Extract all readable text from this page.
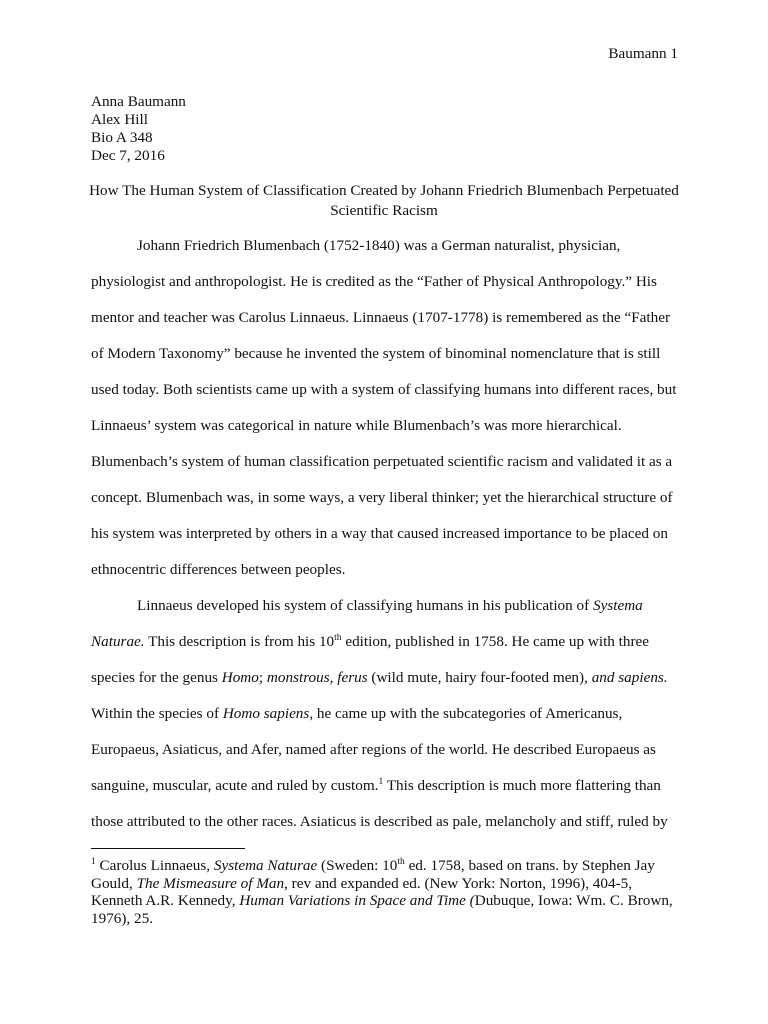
Baumann 1
Anna Baumann
Alex Hill
Bio A 348
Dec 7, 2016
How The Human System of Classification Created by Johann Friedrich Blumenbach Perpetuated
Scientific Racism
Johann Friedrich Blumenbach (1752-1840) was a German naturalist, physician,
physiologist and anthropologist. He is credited as the “Father of Physical Anthropology.” His
mentor and teacher was Carolus Linnaeus. Linnaeus (1707-1778) is remembered as the “Father
of Modern Taxonomy” because he invented the system of binominal nomenclature that is still
used today. Both scientists came up with a system of classifying humans into different races, but
Linnaeus’ system was categorical in nature while Blumenbach’s was more hierarchical.
Blumenbach’s system of human classification perpetuated scientific racism and validated it as a
concept. Blumenbach was, in some ways, a very liberal thinker; yet the hierarchical structure of
his system was interpreted by others in a way that caused increased importance to be placed on
ethnocentric differences between peoples.
Linnaeus developed his system of classifying humans in his publication of Systema
Naturae. This description is from his 10th edition, published in 1758. He came up with three
species for the genus Homo; monstrous, ferus (wild mute, hairy four-footed men), and sapiens.
Within the species of Homo sapiens, he came up with the subcategories of Americanus,
Europaeus, Asiaticus, and Afer, named after regions of the world. He described Europaeus as
sanguine, muscular, acute and ruled by custom.$^1$ This description is much more flattering than
those attributed to the other races. Asiaticus is described as pale, melancholy and stiff, ruled by
$^1$ Carolus Linnaeus, Systema Naturae (Sweden: 10th ed. 1758, based on trans. by Stephen Jay
Gould, The Mismeasure of Man, rev and expanded ed. (New York: Norton, 1996), 404-5,
Kenneth A.R. Kennedy, Human Variations in Space and Time (Dubuque, Iowa: Wm. C. Brown,
1976), 25.
